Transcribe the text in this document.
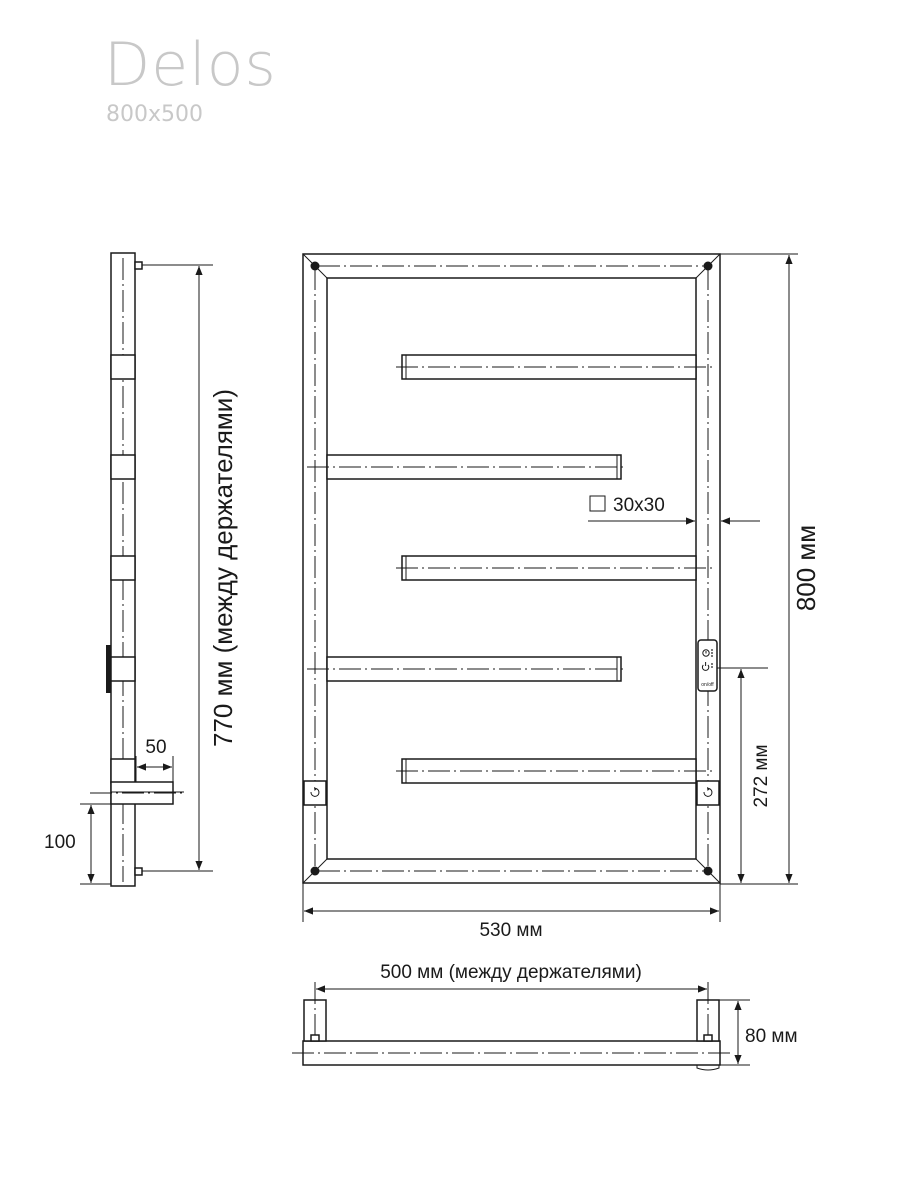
Delos
800x500
770 мм (между держателями)
50
100
on/off
30x30
800 мм
272 мм
530 мм
500 мм (между держателями)
80 мм
